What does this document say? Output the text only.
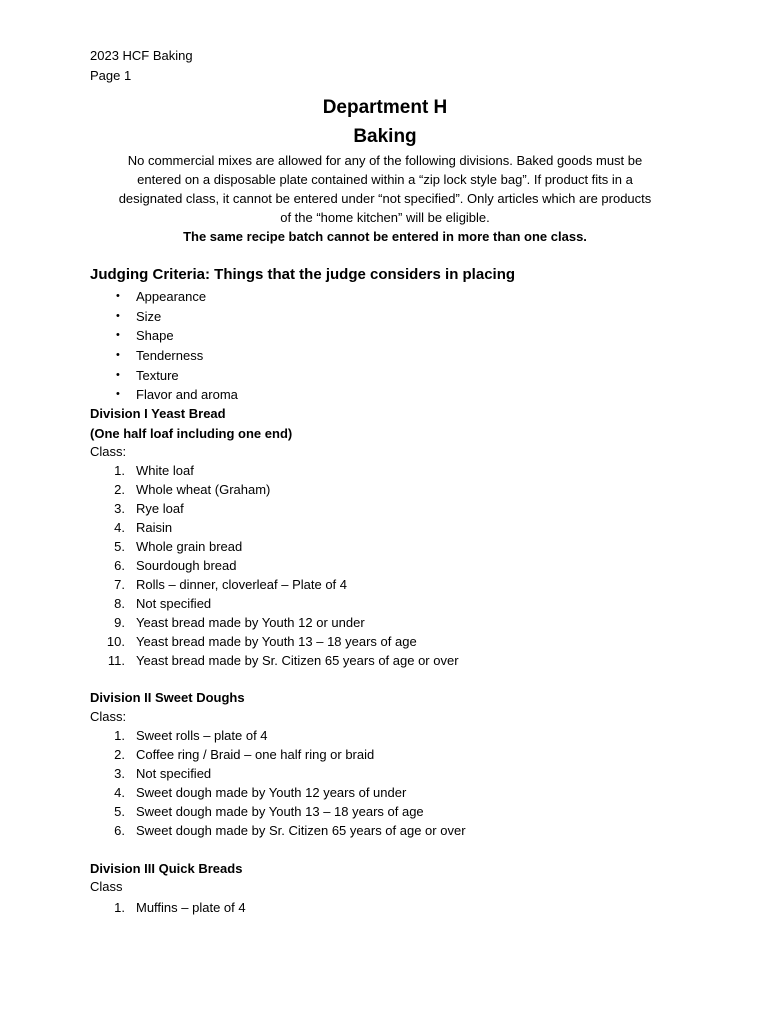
2023 HCF Baking
Page 1
Department H
Baking
No commercial mixes are allowed for any of the following divisions. Baked goods must be
entered on a disposable plate contained within a “zip lock style bag”. If product fits in a
designated class, it cannot be entered under “not specified”. Only articles which are products
of the “home kitchen” will be eligible.
The same recipe batch cannot be entered in more than one class.
Judging Criteria: Things that the judge considers in placing
• Appearance
• Size
• Shape
• Tenderness
• Texture
• Flavor and aroma
Division I Yeast Bread
(One half loaf including one end)
Class:
1. White loaf
2. Whole wheat (Graham)
3. Rye loaf
4. Raisin
5. Whole grain bread
6. Sourdough bread
7. Rolls – dinner, cloverleaf – Plate of 4
8. Not specified
9. Yeast bread made by Youth 12 or under
10. Yeast bread made by Youth 13 – 18 years of age
11. Yeast bread made by Sr. Citizen 65 years of age or over
Division II Sweet Doughs
Class:
1. Sweet rolls – plate of 4
2. Coffee ring / Braid – one half ring or braid
3. Not specified
4. Sweet dough made by Youth 12 years of under
5. Sweet dough made by Youth 13 – 18 years of age
6. Sweet dough made by Sr. Citizen 65 years of age or over
Division III Quick Breads
Class
1. Muffins – plate of 4
